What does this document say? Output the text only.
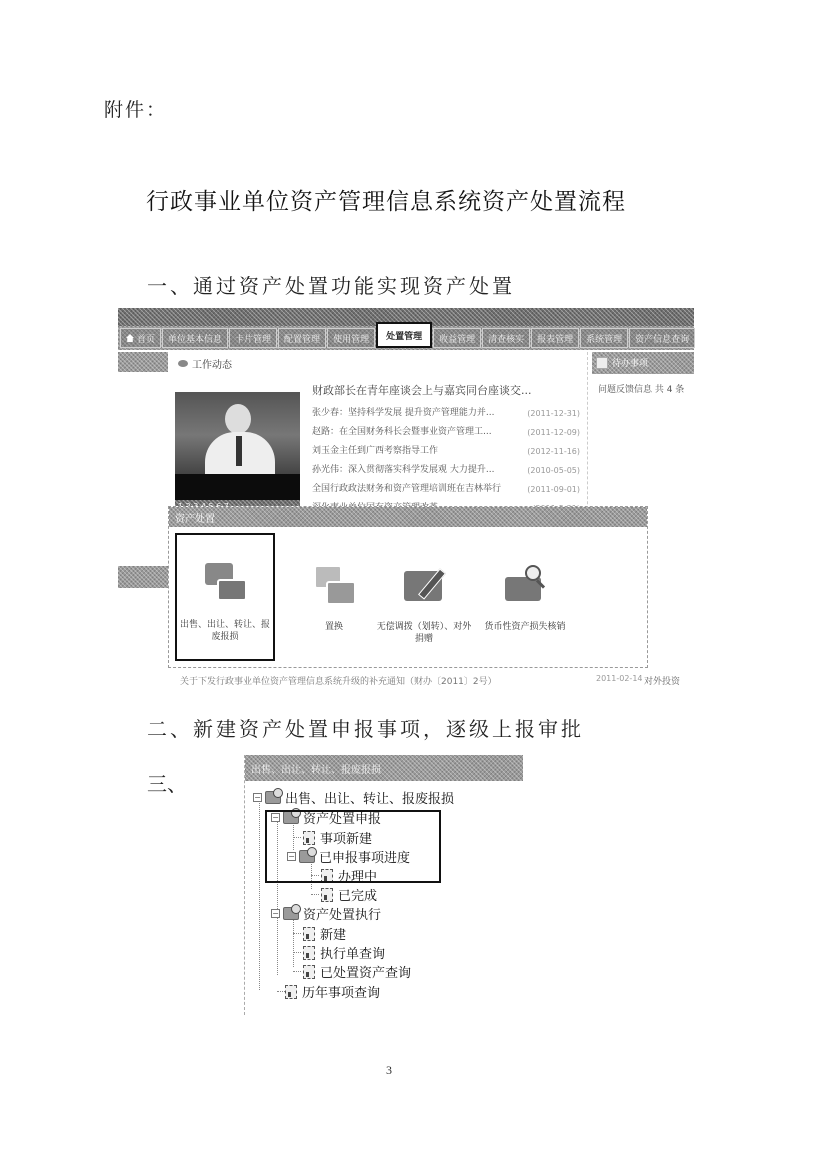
附件：
行政事业单位资产管理信息系统资产处置流程
一、通过资产处置功能实现资产处置
首页	单位基本信息	卡片管理	配置管理	使用管理	处置管理	收益管理	清查核实	报表管理	系统管理	资产信息查询
工作动态
财政部长在青年座谈会上与嘉宾同台座谈交...
张少春：坚持科学发展 提升资产管理能力并...	(2011-12-31)
赵路：在全国财务科长会暨事业资产管理工...	(2011-12-09)
刘玉金主任到广西考察指导工作	(2012-11-16)
孙光伟：深入贯彻落实科学发展观 大力提升...	(2010-05-05)
全国行政政法财务和资产管理培训班在吉林举行	(2011-09-01)
待办事项
问题反馈信息 共 4 条
资产处置
出售、出让、转让、报废报损
置换	无偿调拨（划转）、对外捐赠
货币性资产损失核销
关于下发行政事业单位资产管理信息系统升级的补充通知（财办〔2011〕2号）	2011-02-14 对外投资
二、新建资产处置申报事项，逐级上报审批
三、
出售、出让、转让、报废报损
− 出售、出让、转让、报废报损
− 资产处置申报
事项新建
− 已申报事项进度
办理中
已完成
− 资产处置执行
新建
执行单查询
已处置资产查询
历年事项查询
3
